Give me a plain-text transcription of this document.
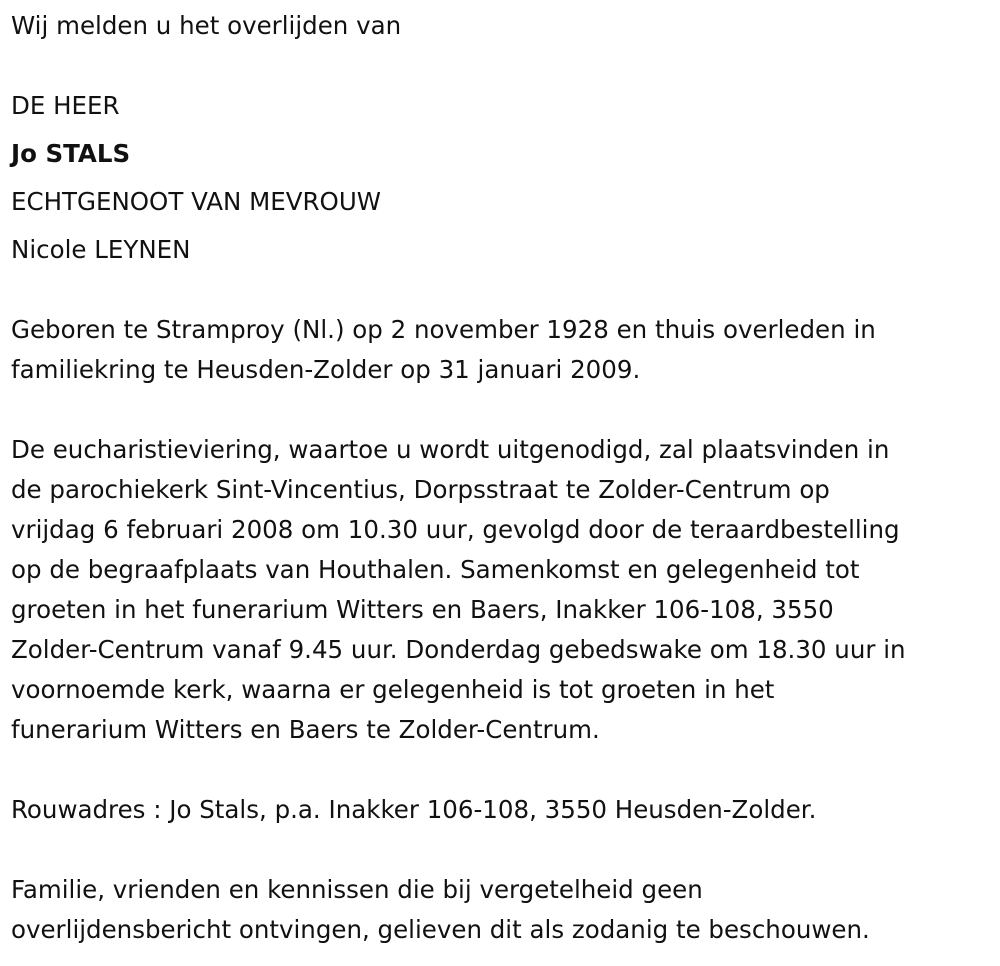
Wij melden u het overlijden van
DE HEER
Jo STALS
ECHTGENOOT VAN MEVROUW
Nicole LEYNEN
Geboren te Stramproy (Nl.) op 2 november 1928 en thuis overleden in
familiekring te Heusden-Zolder op 31 januari 2009.
De eucharistieviering, waartoe u wordt uitgenodigd, zal plaatsvinden in
de parochiekerk Sint-Vincentius, Dorpsstraat te Zolder-Centrum op
vrijdag 6 februari 2008 om 10.30 uur, gevolgd door de teraardbestelling
op de begraafplaats van Houthalen. Samenkomst en gelegenheid tot
groeten in het funerarium Witters en Baers, Inakker 106-108, 3550
Zolder-Centrum vanaf 9.45 uur. Donderdag gebedswake om 18.30 uur in
voornoemde kerk, waarna er gelegenheid is tot groeten in het
funerarium Witters en Baers te Zolder-Centrum.
Rouwadres : Jo Stals, p.a. Inakker 106-108, 3550 Heusden-Zolder.
Familie, vrienden en kennissen die bij vergetelheid geen
overlijdensbericht ontvingen, gelieven dit als zodanig te beschouwen.
